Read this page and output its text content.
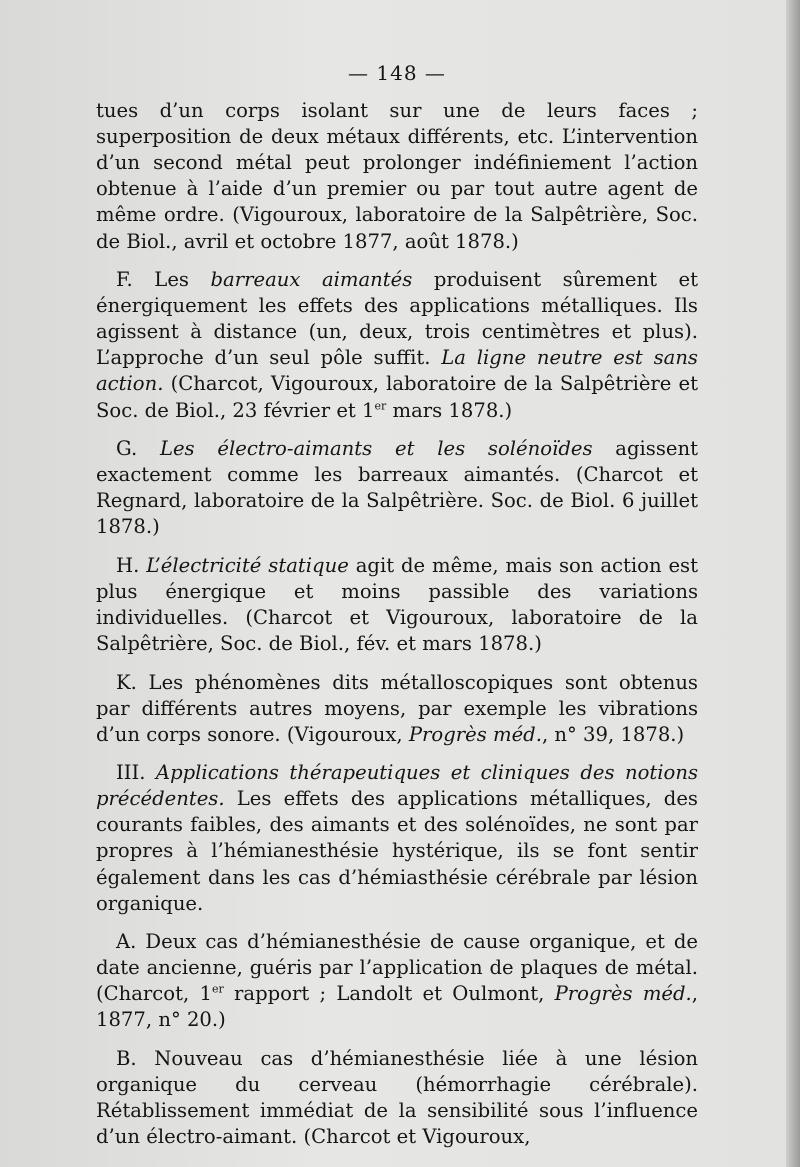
— 148 —

tues d’un corps isolant sur une de leurs faces ; superposition de deux métaux différents, etc. L’intervention d’un second métal peut prolonger indéfiniement l’action obtenue à l’aide d’un premier ou par tout autre agent de même ordre. (Vigouroux, laboratoire de la Salpêtrière, Soc. de Biol., avril et octobre 1877, août 1878.)

F. Les barreaux aimantés produisent sûrement et énergiquement les effets des applications métalliques. Ils agissent à distance (un, deux, trois centimètres et plus). L’approche d’un seul pôle suffit. La ligne neutre est sans action. (Charcot, Vigouroux, laboratoire de la Salpêtrière et Soc. de Biol., 23 février et 1er mars 1878.)

G. Les électro-aimants et les solénoïdes agissent exactement comme les barreaux aimantés. (Charcot et Regnard, laboratoire de la Salpêtrière. Soc. de Biol. 6 juillet 1878.)

H. L’électricité statique agit de même, mais son action est plus énergique et moins passible des variations individuelles. (Charcot et Vigouroux, laboratoire de la Salpêtrière, Soc. de Biol., fév. et mars 1878.)

K. Les phénomènes dits métalloscopiques sont obtenus par différents autres moyens, par exemple les vibrations d’un corps sonore. (Vigouroux, Progrès méd., n° 39, 1878.)

III. Applications thérapeutiques et cliniques des notions précédentes. Les effets des applications métalliques, des courants faibles, des aimants et des solénoïdes, ne sont par propres à l’hémianesthésie hystérique, ils se font sentir également dans les cas d’hémiasthésie cérébrale par lésion organique.

A. Deux cas d’hémianesthésie de cause organique, et de date ancienne, guéris par l’application de plaques de métal. (Charcot, 1er rapport ; Landolt et Oulmont, Progrès méd., 1877, n° 20.)

B. Nouveau cas d’hémianesthésie liée à une lésion organique du cerveau (hémorrhagie cérébrale). Rétablissement immédiat de la sensibilité sous l’influence d’un électro-aimant. (Charcot et Vigouroux,
